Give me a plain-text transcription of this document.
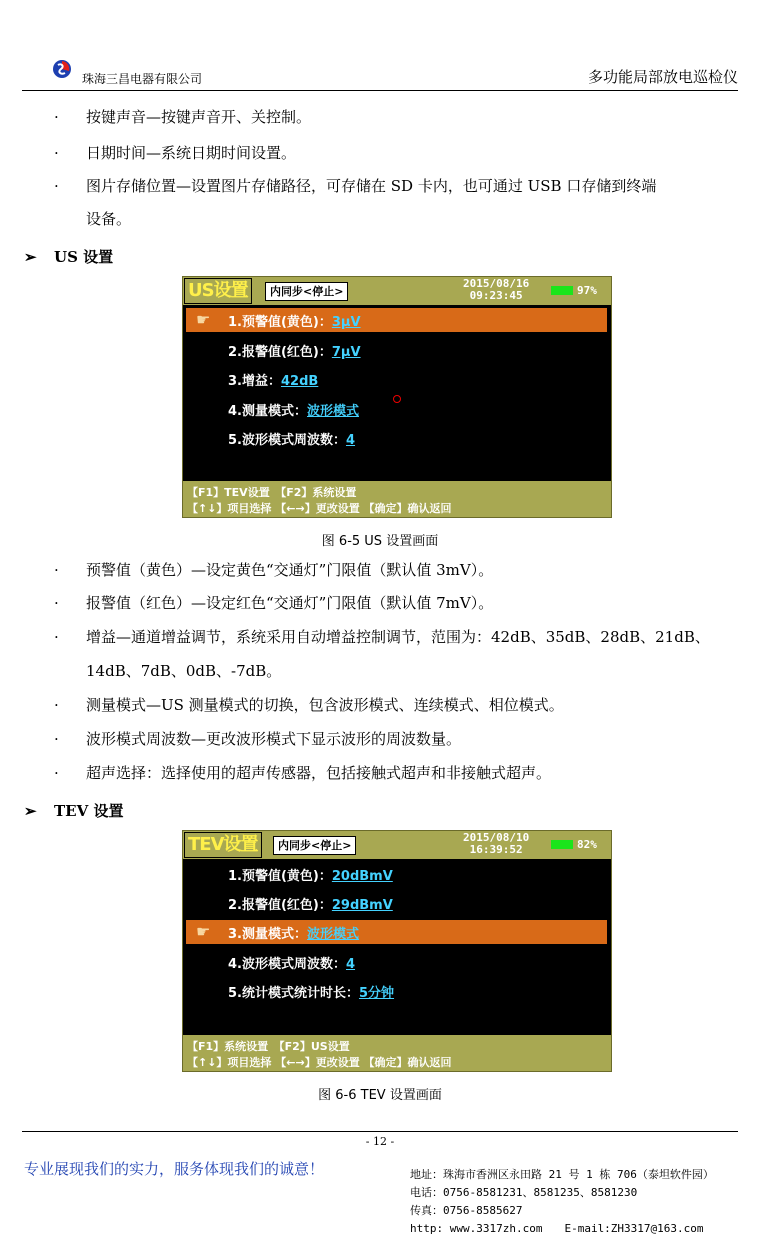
珠海三昌电器有限公司	多功能局部放电巡检仪
· 按键声音—按键声音开、关控制。
· 日期时间—系统日期时间设置。
· 图片存储位置—设置图片存储路径，可存储在 SD 卡内，也可通过 USB 口存储到终端
设备。
➢ US 设置
US设置	内同步<停止>
2015/08/16
09:23:45	97%
☛ 1.预警值(黄色)：3μV
2.报警值(红色)：7μV
3.增益：42dB
4.测量模式：波形模式
5.波形模式周波数：4
【F1】TEV设置　【F2】系统设置
【↑↓】项目选择 【←→】更改设置 【确定】确认返回
图 6-5 US 设置画面
· 预警值（黄色）—设定黄色“交通灯”门限值（默认值 3mV）。
· 报警值（红色）—设定红色“交通灯”门限值（默认值 7mV）。
· 增益—通道增益调节，系统采用自动增益控制调节，范围为：42dB、35dB、28dB、21dB、
14dB、7dB、0dB、-7dB。
· 测量模式—US 测量模式的切换，包含波形模式、连续模式、相位模式。
· 波形模式周波数—更改波形模式下显示波形的周波数量。
· 超声选择：选择使用的超声传感器，包括接触式超声和非接触式超声。
➢ TEV 设置
TEV设置	内同步<停止>
2015/08/10
16:39:52	82%
1.预警值(黄色)：20dBmV
2.报警值(红色)：29dBmV
☛ 3.测量模式：波形模式
4.波形模式周波数：4
5.统计模式统计时长：5分钟
【F1】系统设置　【F2】US设置
【↑↓】项目选择 【←→】更改设置 【确定】确认返回
图 6-6 TEV 设置画面
- 12 -
专业展现我们的实力，服务体现我们的诚意！	地址：珠海市香洲区永田路 21 号 1 栋 706（泰坦软件园）
电话：0756-8581231、8581235、8581230
传真：0756-8585627
http: www.3317zh.com　　E-mail:ZH3317@163.com
